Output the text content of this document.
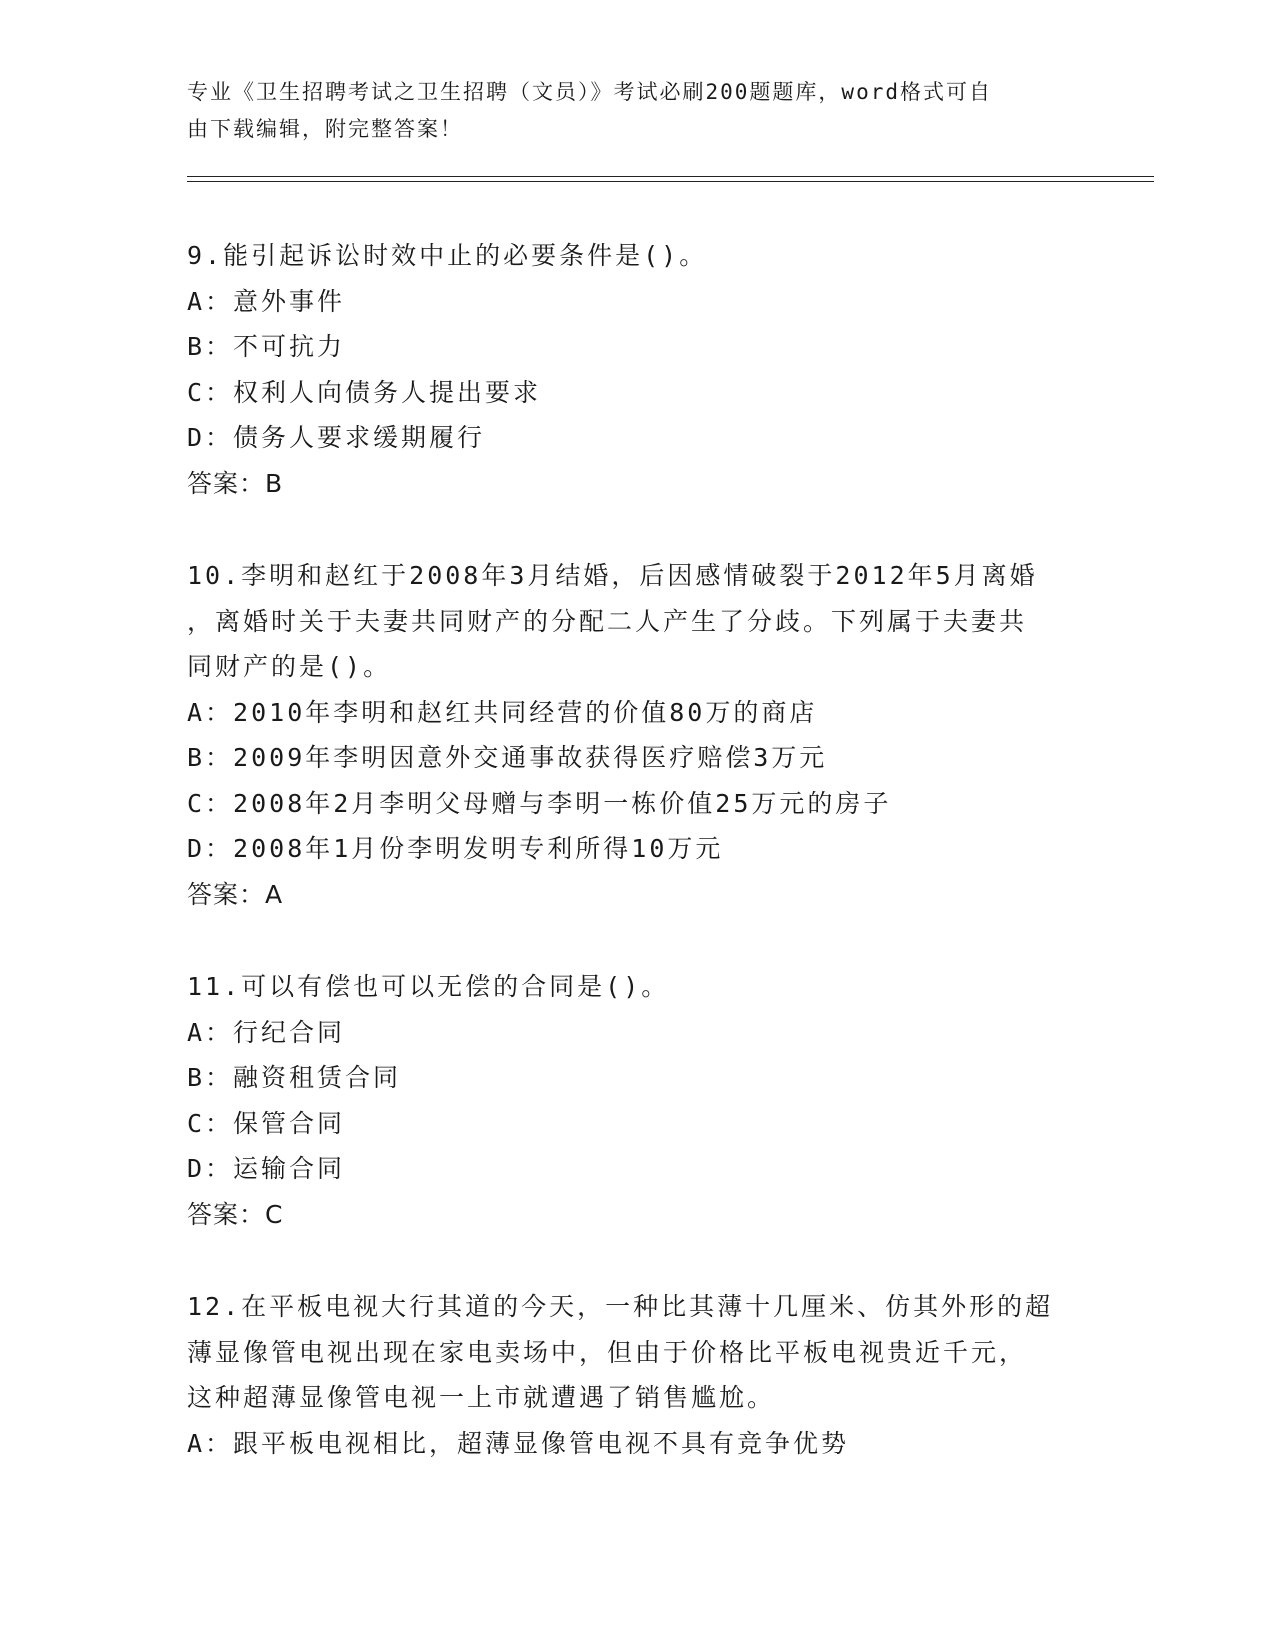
专业《卫生招聘考试之卫生招聘（文员）》考试必刷200题题库，word格式可自
由下载编辑，附完整答案！
9.能引起诉讼时效中止的必要条件是()。
A：意外事件
B：不可抗力
C：权利人向债务人提出要求
D：债务人要求缓期履行
答案：B
10.李明和赵红于2008年3月结婚，后因感情破裂于2012年5月离婚
，离婚时关于夫妻共同财产的分配二人产生了分歧。下列属于夫妻共
同财产的是()。
A：2010年李明和赵红共同经营的价值80万的商店
B：2009年李明因意外交通事故获得医疗赔偿3万元
C：2008年2月李明父母赠与李明一栋价值25万元的房子
D：2008年1月份李明发明专利所得10万元
答案：A
11.可以有偿也可以无偿的合同是()。
A：行纪合同
B：融资租赁合同
C：保管合同
D：运输合同
答案：C
12.在平板电视大行其道的今天，一种比其薄十几厘米、仿其外形的超
薄显像管电视出现在家电卖场中，但由于价格比平板电视贵近千元，
这种超薄显像管电视一上市就遭遇了销售尴尬。
A：跟平板电视相比，超薄显像管电视不具有竞争优势
